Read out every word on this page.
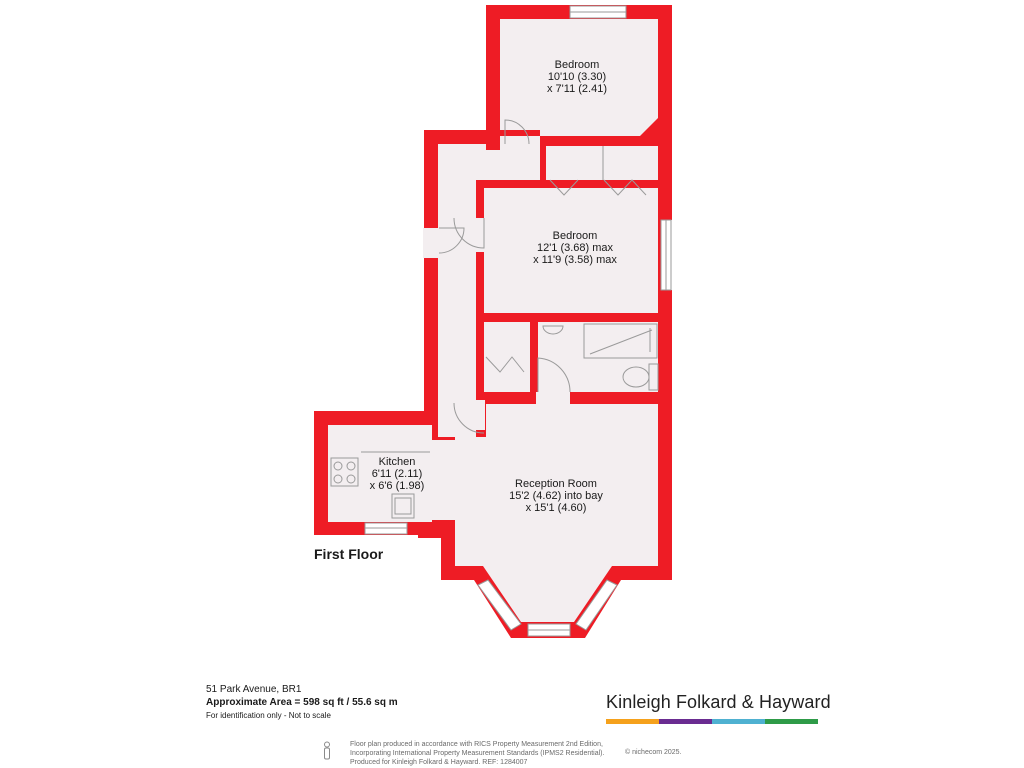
Bedroom
10'10 (3.30)
x 7'11 (2.41)
Bedroom
12'1 (3.68) max
x 11'9 (3.58) max
Kitchen
6'11 (2.11)
x 6'6 (1.98)	Reception Room
15'2 (4.62) into bay
x 15'1 (4.60)
First Floor
51 Park Avenue, BR1
Approximate Area = 598 sq ft / 55.6 sq m
For identification only - Not to scale
Kinleigh Folkard & Hayward
Floor plan produced in accordance with RICS Property Measurement 2nd Edition,
Incorporating International Property Measurement Standards (IPMS2 Residential).
Produced for Kinleigh Folkard & Hayward. REF: 1284007
© nichecom 2025.
